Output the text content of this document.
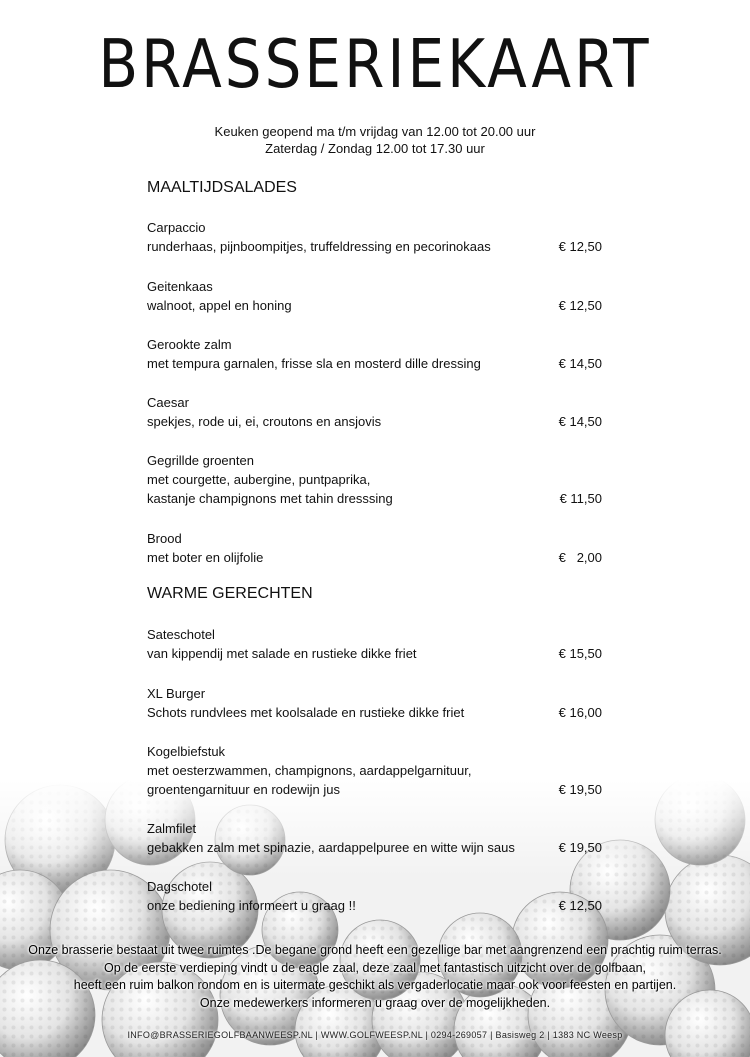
BRASSERIEKAART
Keuken geopend ma t/m vrijdag van 12.00 tot 20.00 uur
Zaterdag / Zondag 12.00 tot 17.30 uur
MAALTIJDSALADES
Carpaccio
runderhaas, pijnboompitjes, truffeldressing en pecorinokaas	€ 12,50
Geitenkaas
walnoot, appel en honing	€ 12,50
Gerookte zalm
met tempura garnalen, frisse sla en mosterd dille dressing	€ 14,50
Caesar
spekjes, rode ui, ei, croutons en ansjovis	€ 14,50
Gegrillde groenten
met courgette, aubergine, puntpaprika,
kastanje champignons met tahin dresssing	€ 11,50
Brood
met boter en olijfolie	€   2,00
WARME GERECHTEN
Sateschotel
van kippendij met salade en rustieke dikke friet	€ 15,50
XL Burger
Schots rundvlees met koolsalade en rustieke dikke friet	€ 16,00
Kogelbiefstuk
met oesterzwammen, champignons, aardappelgarnituur,
groentengarnituur en rodewijn jus	€ 19,50
Zalmfilet
gebakken zalm met spinazie, aardappelpuree en witte wijn saus	€ 19,50
Dagschotel
onze bediening informeert u graag !!	€ 12,50
Onze brasserie bestaat uit twee ruimtes .De begane grond heeft een gezellige bar met aangrenzend een prachtig ruim terras.
Op de eerste verdieping vindt u de eagle zaal, deze zaal met fantastisch uitzicht over de golfbaan,
heeft een ruim balkon rondom en is uitermate geschikt als vergaderlocatie maar ook voor feesten en partijen.
Onze medewerkers informeren u graag over de mogelijkheden.
INFO@BRASSERIEGOLFBAANWEESP.NL | WWW.GOLFWEESP.NL | 0294-269057 | Basisweg 2 | 1383 NC Weesp
